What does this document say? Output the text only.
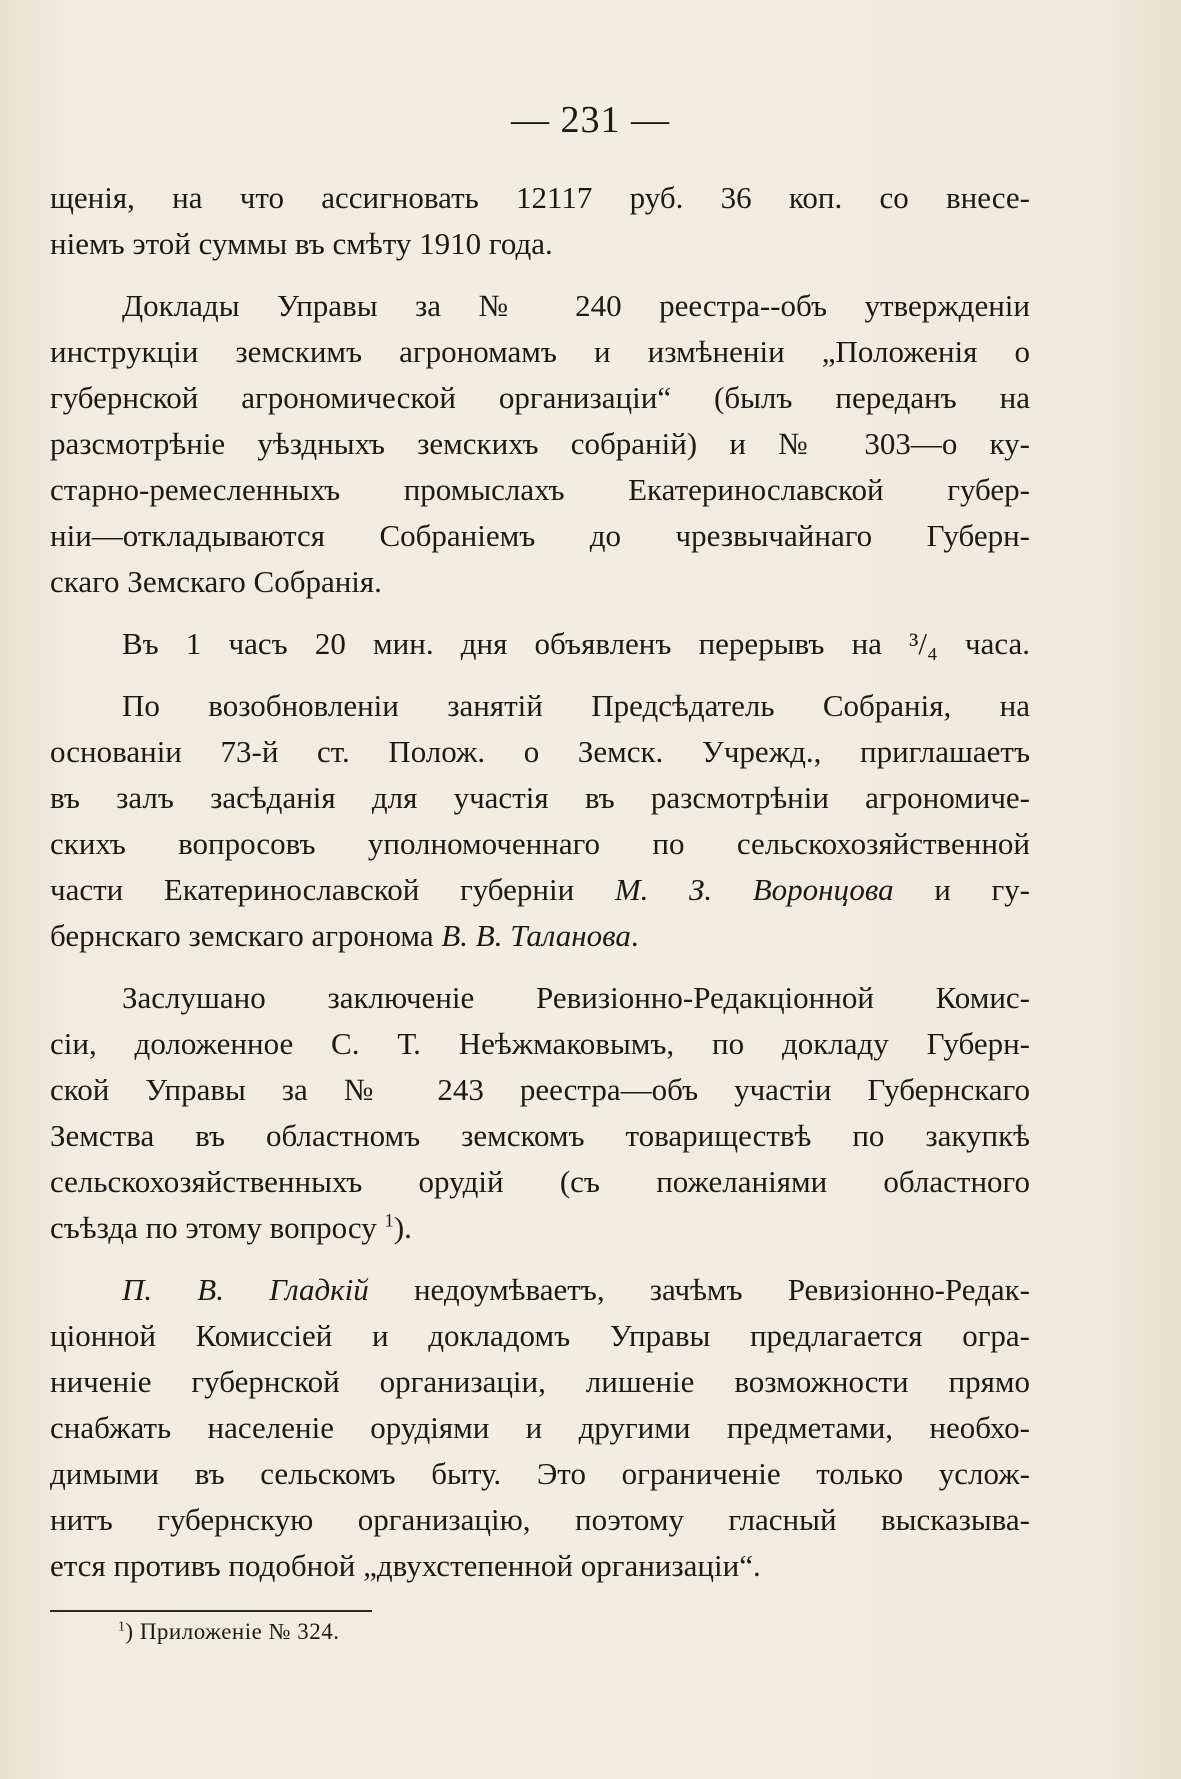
— 231 —

щенія, на что ассигновать 12117 руб. 36 коп. со внесе-
ніемъ этой суммы въ смѣту 1910 года.

Доклады Управы за № 240 реестра--объ утвержденіи
инструкціи земскимъ агрономамъ и измѣненіи „Положенія о
губернской агрономической организаціи“ (былъ переданъ на
разсмотрѣніе уѣздныхъ земскихъ собраній) и № 303—о ку-
старно-ремесленныхъ промыслахъ Екатеринославской губер-
ніи—откладываются Собраніемъ до чрезвычайнаго Губерн-
скаго Земскаго Собранія.

Въ 1 часъ 20 мин. дня объявленъ перерывъ на ³/₄ часа.

По возобновленіи занятій Предсѣдатель Собранія, на
основаніи 73-й ст. Полож. о Земск. Учрежд., приглашаетъ
въ залъ засѣданія для участія въ разсмотрѣніи агрономиче-
скихъ вопросовъ уполномоченнаго по сельскохозяйственной
части Екатеринославской губерніи М. З. Воронцова и гу-
бернскаго земскаго агронома В. В. Таланова.

Заслушано заключеніе Ревизіонно-Редакціонной Комис-
сіи, доложенное С. Т. Неѣжмаковымъ, по докладу Губерн-
ской Управы за № 243 реестра—объ участіи Губернскаго
Земства въ областномъ земскомъ товариществѣ по закупкѣ
сельскохозяйственныхъ орудій (съ пожеланіями областного
съѣзда по этому вопросу $^1$).

П. В. Гладкій недоумѣваетъ, зачѣмъ Ревизіонно-Редак-
ціонной Комиссіей и докладомъ Управы предлагается огра-
ниченіе губернской организаціи, лишеніе возможности прямо
снабжать населеніе орудіями и другими предметами, необхо-
димыми въ сельскомъ быту. Это ограниченіе только услож-
нитъ губернскую организацію, поэтому гласный высказыва-
ется противъ подобной „двухстепенной организаціи“.

$^1$) Приложеніе № 324.
